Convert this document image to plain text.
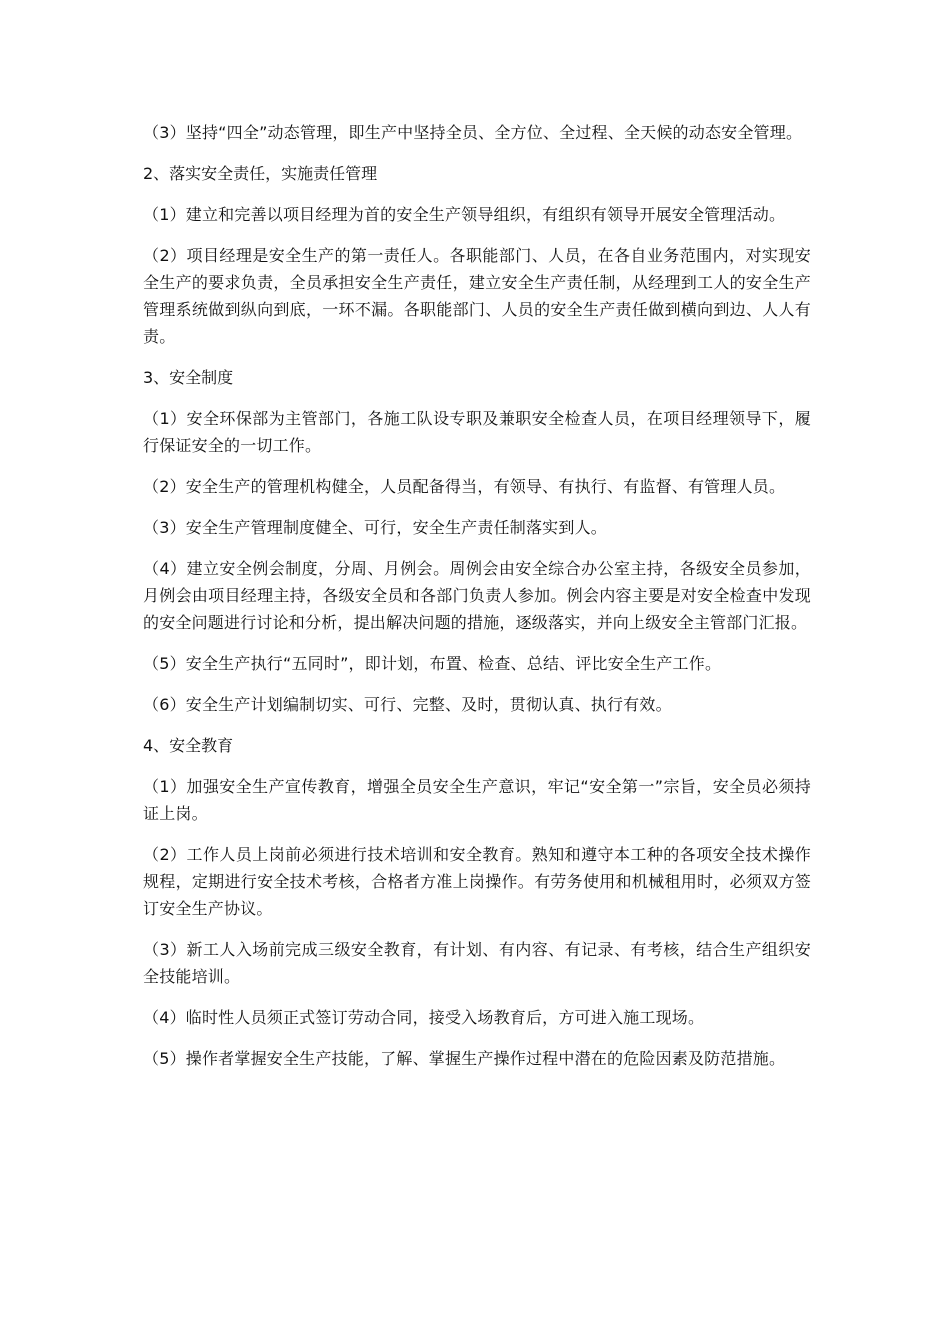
（3）坚持“四全”动态管理，即生产中坚持全员、全方位、全过程、全天候的动态安全管理。

2、落实安全责任，实施责任管理

（1）建立和完善以项目经理为首的安全生产领导组织，有组织有领导开展安全管理活动。

（2）项目经理是安全生产的第一责任人。各职能部门、人员，在各自业务范围内，对实现安全生产的要求负责，全员承担安全生产责任，建立安全生产责任制，从经理到工人的安全生产管理系统做到纵向到底，一环不漏。各职能部门、人员的安全生产责任做到横向到边、人人有责。

3、安全制度

（1）安全环保部为主管部门，各施工队设专职及兼职安全检查人员，在项目经理领导下，履行保证安全的一切工作。

（2）安全生产的管理机构健全，人员配备得当，有领导、有执行、有监督、有管理人员。

（3）安全生产管理制度健全、可行，安全生产责任制落实到人。

（4）建立安全例会制度，分周、月例会。周例会由安全综合办公室主持，各级安全员参加，月例会由项目经理主持，各级安全员和各部门负责人参加。例会内容主要是对安全检查中发现的安全问题进行讨论和分析，提出解决问题的措施，逐级落实，并向上级安全主管部门汇报。

（5）安全生产执行“五同时”，即计划，布置、检查、总结、评比安全生产工作。

（6）安全生产计划编制切实、可行、完整、及时，贯彻认真、执行有效。

4、安全教育

（1）加强安全生产宣传教育，增强全员安全生产意识，牢记“安全第一”宗旨，安全员必须持证上岗。

（2）工作人员上岗前必须进行技术培训和安全教育。熟知和遵守本工种的各项安全技术操作规程，定期进行安全技术考核，合格者方准上岗操作。有劳务使用和机械租用时，必须双方签订安全生产协议。

（3）新工人入场前完成三级安全教育，有计划、有内容、有记录、有考核，结合生产组织安全技能培训。

（4）临时性人员须正式签订劳动合同，接受入场教育后，方可进入施工现场。

（5）操作者掌握安全生产技能，了解、掌握生产操作过程中潜在的危险因素及防范措施。
